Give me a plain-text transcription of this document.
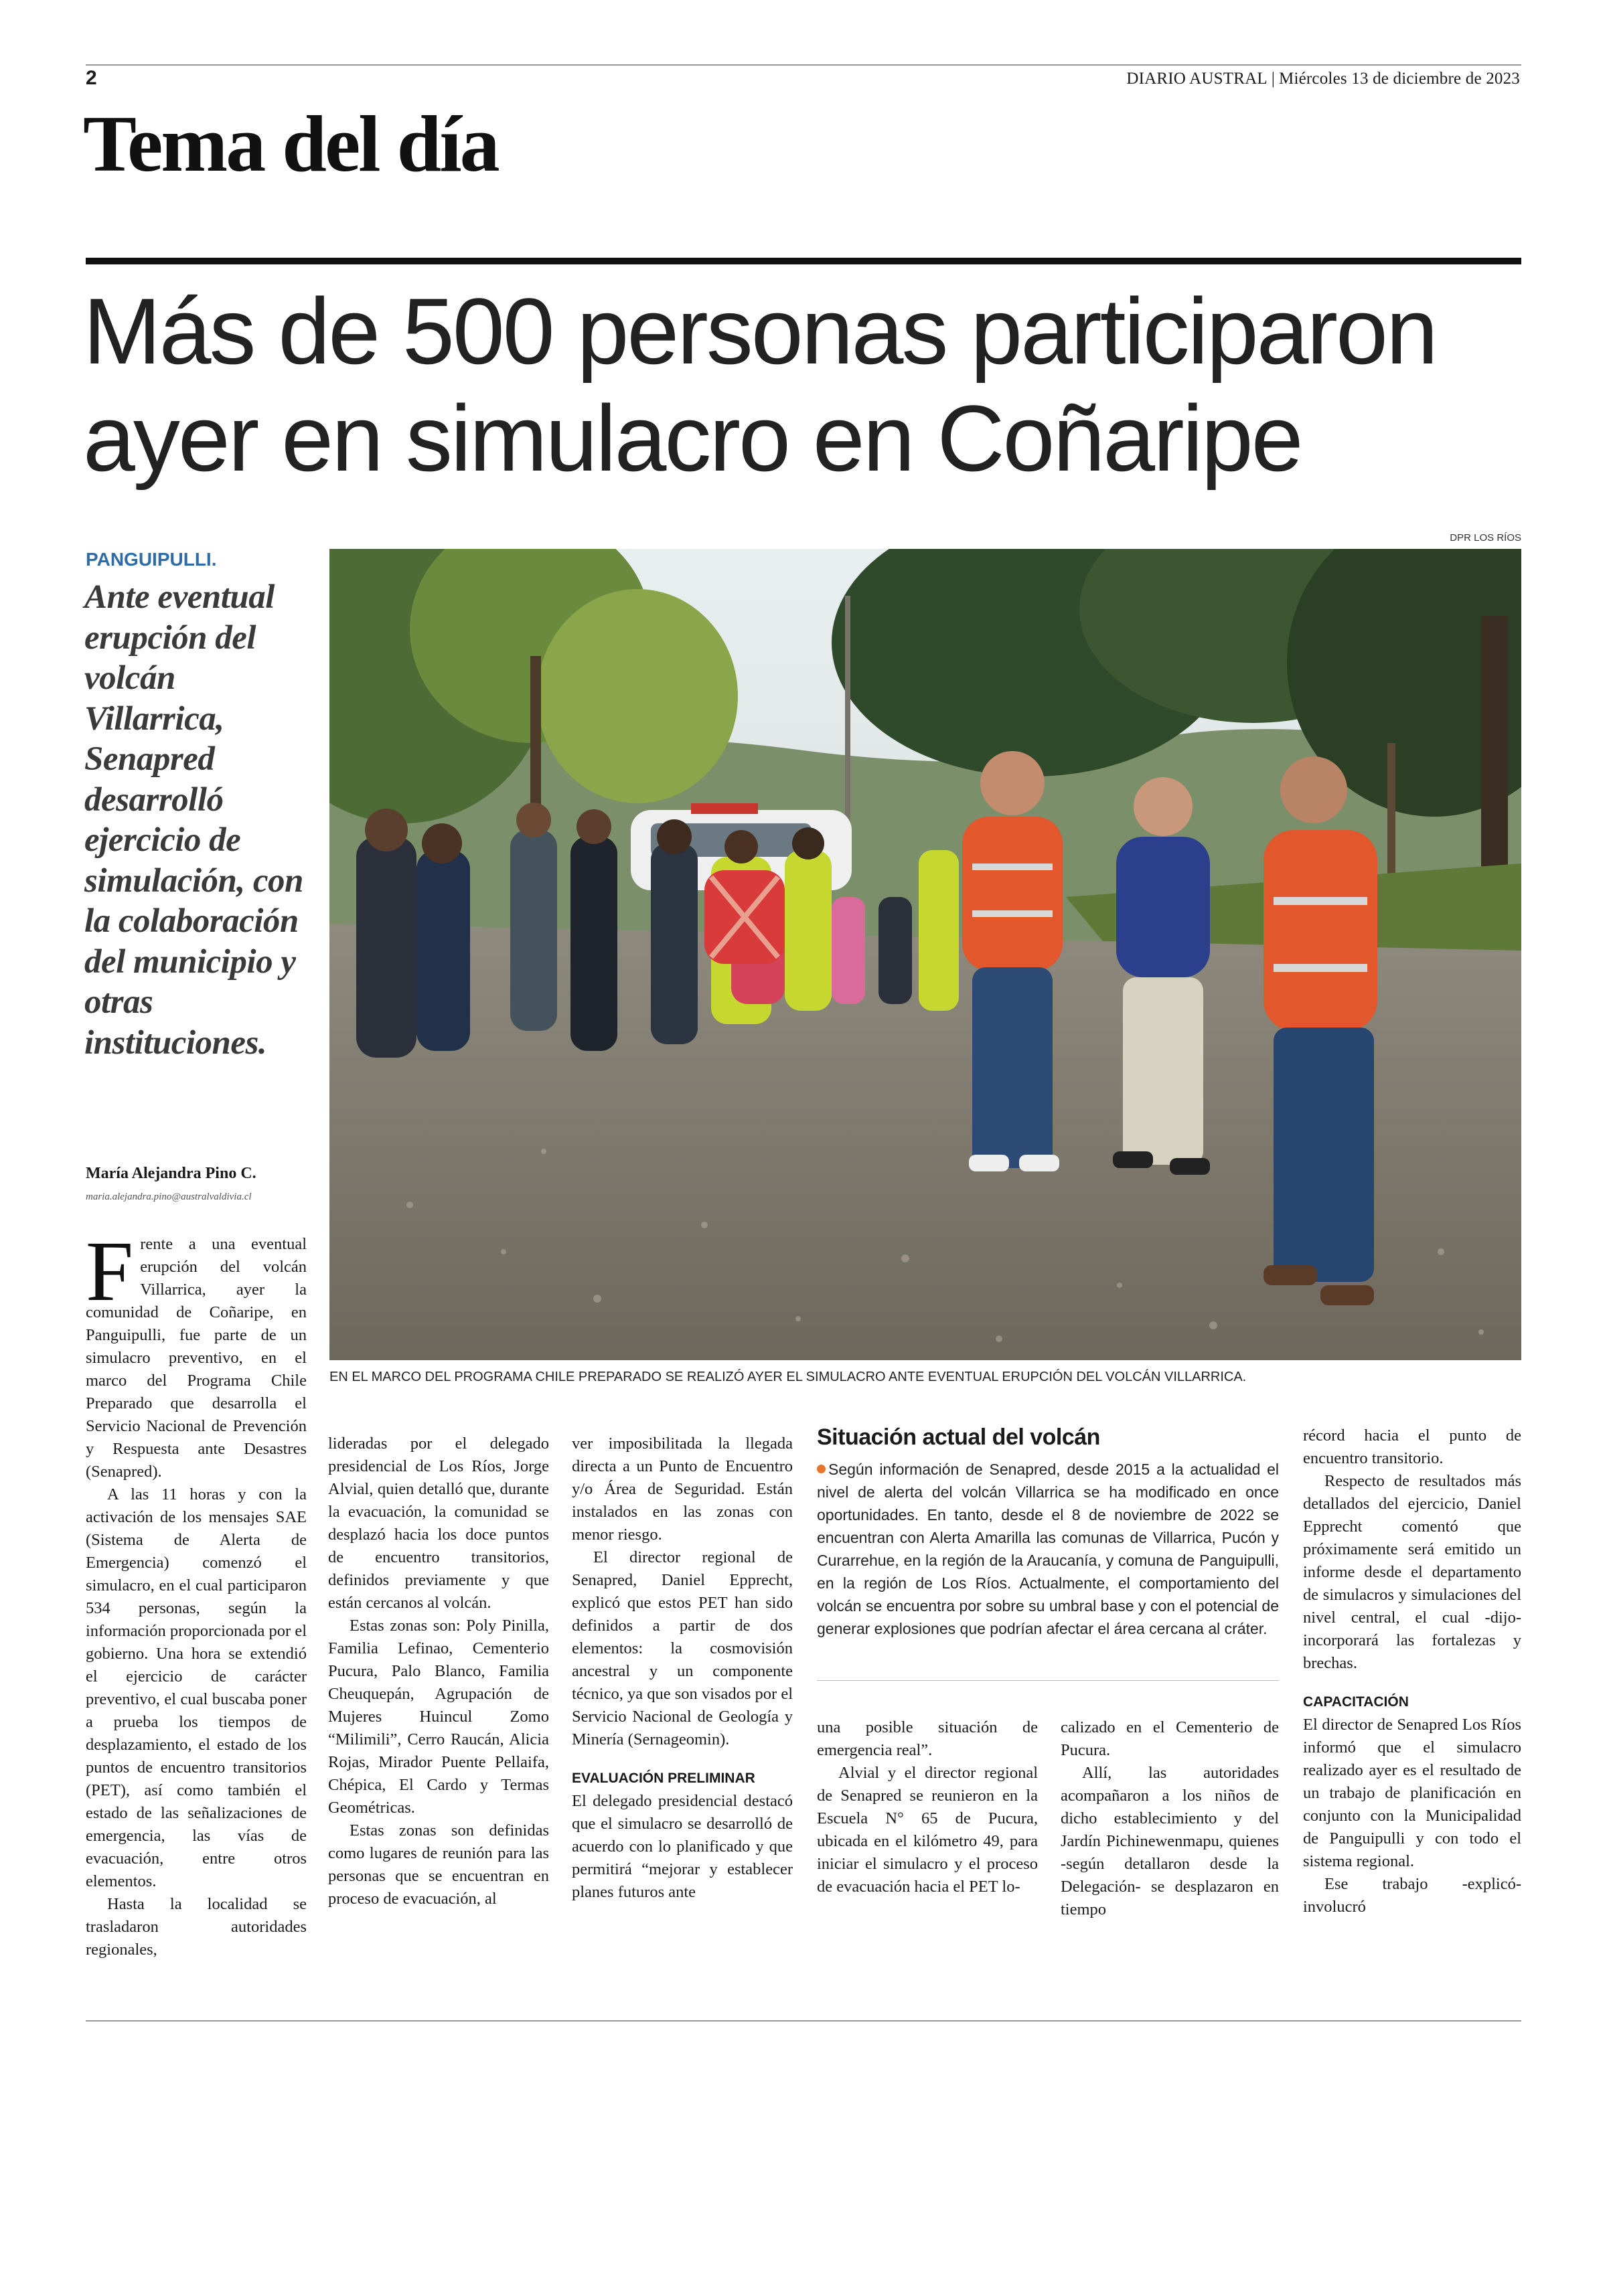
2	DIARIO AUSTRAL | Miércoles 13 de diciembre de 2023
Tema del día
Más de 500 personas participaron
ayer en simulacro en Coñaripe
PANGUIPULLI.
Ante eventual erupción del volcán Villarrica, Senapred desarrolló ejercicio de simulación, con la colaboración del municipio y otras instituciones.
María Alejandra Pino C.
maria.alejandra.pino@australvaldivia.cl
DPR LOS RÍOS
EN EL MARCO DEL PROGRAMA CHILE PREPARADO SE REALIZÓ AYER EL SIMULACRO ANTE EVENTUAL ERUPCIÓN DEL VOLCÁN VILLARRICA.

Frente a una eventual erupción del volcán Villarrica, ayer la comunidad de Coñaripe, en Panguipulli, fue parte de un simulacro preventivo, en el marco del Programa Chile Preparado que desarrolla el Servicio Nacional de Prevención y Respuesta ante Desastres (Senapred).

A las 11 horas y con la activación de los mensajes SAE (Sistema de Alerta de Emergencia) comenzó el simulacro, en el cual participaron 534 personas, según la información proporcionada por el gobierno. Una hora se extendió el ejercicio de carácter preventivo, el cual buscaba poner a prueba los tiempos de desplazamiento, el estado de los puntos de encuentro transitorios (PET), así como también el estado de las señalizaciones de emergencia, las vías de evacuación, entre otros elementos.

Hasta la localidad se trasladaron autoridades regionales,

lideradas por el delegado presidencial de Los Ríos, Jorge Alvial, quien detalló que, durante la evacuación, la comunidad se desplazó hacia los doce puntos de encuentro transitorios, definidos previamente y que están cercanos al volcán.

Estas zonas son: Poly Pinilla, Familia Lefinao, Cementerio Pucura, Palo Blanco, Familia Cheuquepán, Agrupación de Mujeres Huincul Zomo “Milimili”, Cerro Raucán, Alicia Rojas, Mirador Puente Pellaifa, Chépica, El Cardo y Termas Geométricas.

Estas zonas son definidas como lugares de reunión para las personas que se encuentran en proceso de evacuación, al

ver imposibilitada la llegada directa a un Punto de Encuentro y/o Área de Seguridad. Están instalados en las zonas con menor riesgo.

El director regional de Senapred, Daniel Epprecht, explicó que estos PET han sido definidos a partir de dos elementos: la cosmovisión ancestral y un componente técnico, ya que son visados por el Servicio Nacional de Geología y Minería (Sernageomin).

EVALUACIÓN PRELIMINAR

El delegado presidencial destacó que el simulacro se desarrolló de acuerdo con lo planificado y que permitirá “mejorar y establecer planes futuros ante

Situación actual del volcán
Según información de Senapred, desde 2015 a la actualidad el nivel de alerta del volcán Villarrica se ha modificado en once oportunidades. En tanto, desde el 8 de noviembre de 2022 se encuentran con Alerta Amarilla las comunas de Villarrica, Pucón y Curarrehue, en la región de la Araucanía, y comuna de Panguipulli, en la región de Los Ríos. Actualmente, el comportamiento del volcán se encuentra por sobre su umbral base y con el potencial de generar explosiones que podrían afectar el área cercana al cráter.

una posible situación de emergencia real”.

Alvial y el director regional de Senapred se reunieron en la Escuela N° 65 de Pucura, ubicada en el kilómetro 49, para iniciar el simulacro y el proceso de evacuación hacia el PET lo-

calizado en el Cementerio de Pucura.

Allí, las autoridades acompañaron a los niños de dicho establecimiento y del Jardín Pichinewenmapu, quienes -según detallaron desde la Delegación- se desplazaron en tiempo

récord hacia el punto de encuentro transitorio.

Respecto de resultados más detallados del ejercicio, Daniel Epprecht comentó que próximamente será emitido un informe desde el departamento de simulacros y simulaciones del nivel central, el cual -dijo- incorporará las fortalezas y brechas.

CAPACITACIÓN

El director de Senapred Los Ríos informó que el simulacro realizado ayer es el resultado de un trabajo de planificación en conjunto con la Municipalidad de Panguipulli y con todo el sistema regional.

Ese trabajo -explicó- involucró
